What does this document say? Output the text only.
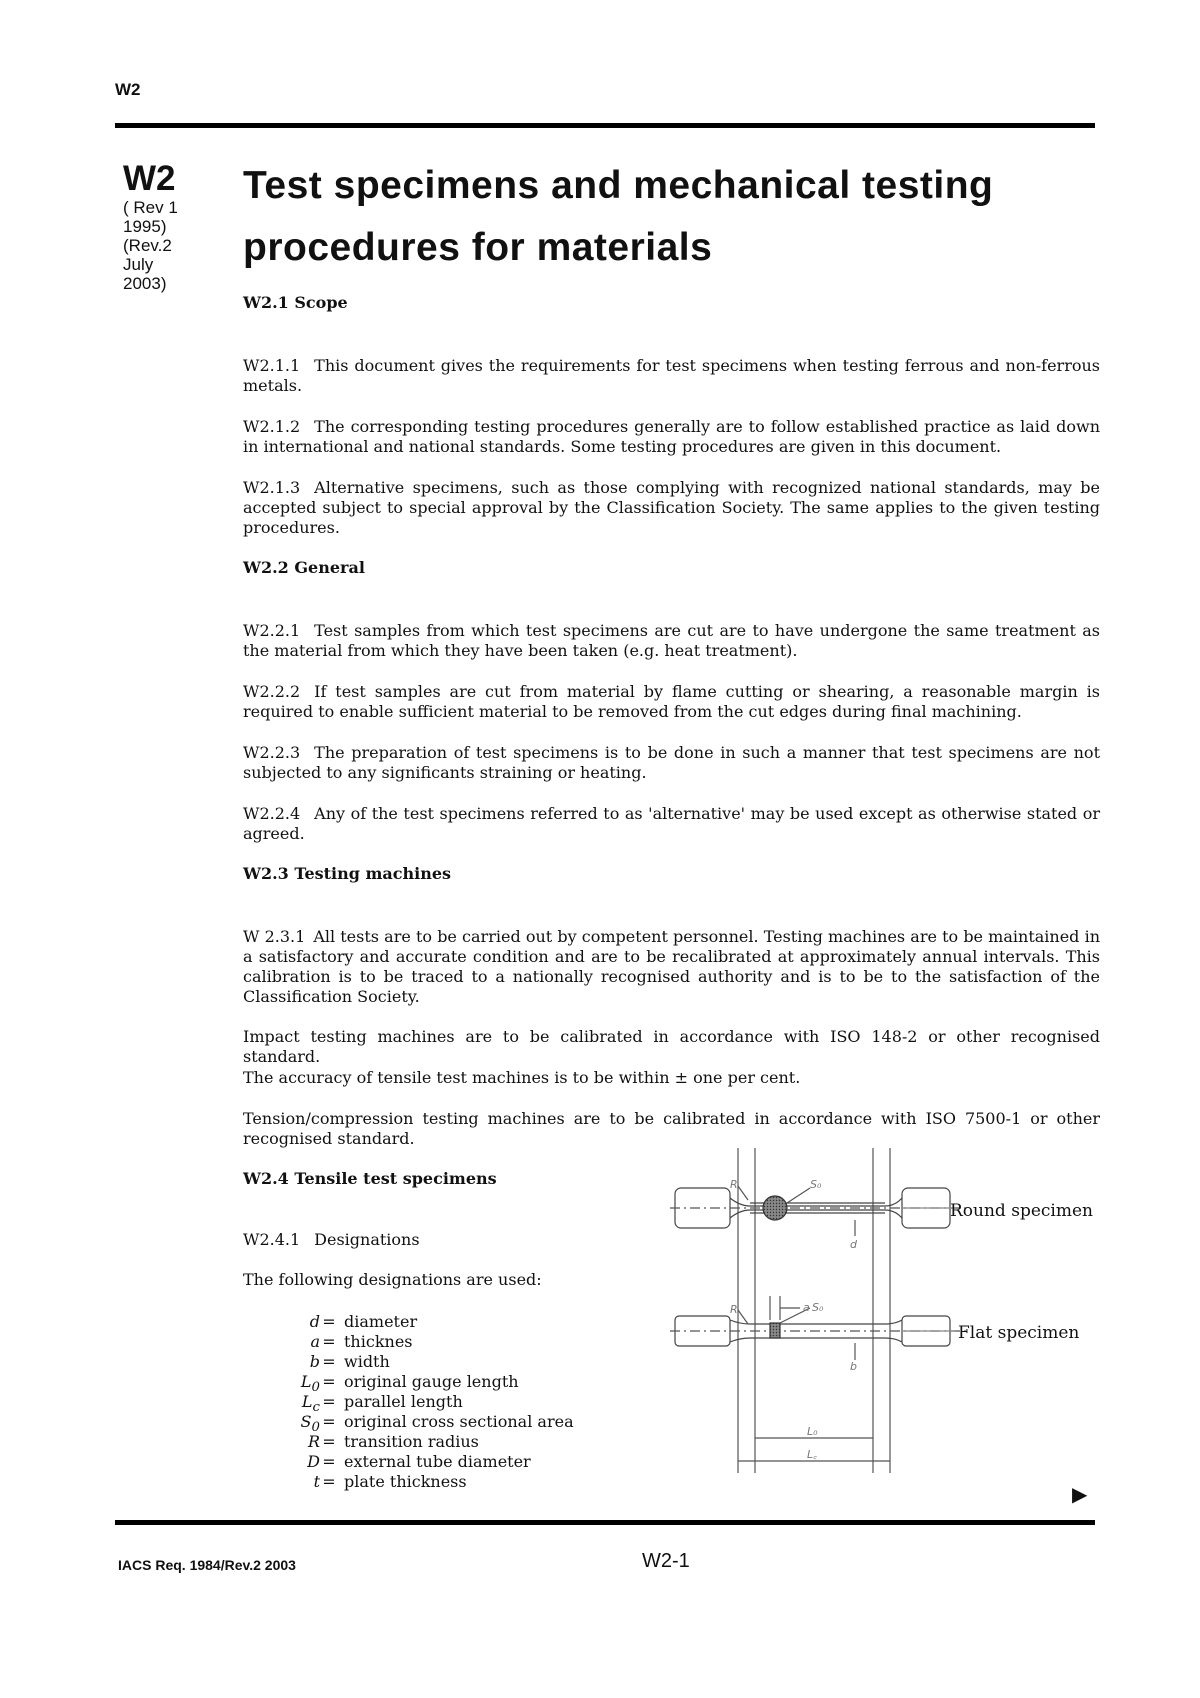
W2
W2
( Rev 1
1995)
(Rev.2
July
2003)
Test specimens and mechanical testing
procedures for materials
W2.1 Scope
W2.1.1 This document gives the requirements for test specimens when testing ferrous and non-ferrous metals.
W2.1.2 The corresponding testing procedures generally are to follow established practice as laid down in international and national standards. Some testing procedures are given in this document.
W2.1.3 Alternative specimens, such as those complying with recognized national standards, may be accepted subject to special approval by the Classification Society. The same applies to the given testing procedures.
W2.2 General
W2.2.1 Test samples from which test specimens are cut are to have undergone the same treatment as the material from which they have been taken (e.g. heat treatment).
W2.2.2 If test samples are cut from material by flame cutting or shearing, a reasonable margin is required to enable sufficient material to be removed from the cut edges during final machining.
W2.2.3 The preparation of test specimens is to be done in such a manner that test specimens are not subjected to any significants straining or heating.
W2.2.4 Any of the test specimens referred to as 'alternative' may be used except as otherwise stated or agreed.
W2.3 Testing machines
W 2.3.1 All tests are to be carried out by competent personnel. Testing machines are to be maintained in a satisfactory and accurate condition and are to be recalibrated at approximately annual intervals. This calibration is to be traced to a nationally recognised authority and is to be to the satisfaction of the Classification Society.
Impact testing machines are to be calibrated in accordance with ISO 148-2 or other recognised standard.
The accuracy of tensile test machines is to be within ± one per cent.
Tension/compression testing machines are to be calibrated in accordance with ISO 7500-1 or other recognised standard.
W2.4 Tensile test specimens
W2.4.1 Designations
The following designations are used:
d = diameter
a = thicknes
b = width
$L_0$ = original gauge length
$L_c$ = parallel length
$S_0$ = original cross sectional area
R = transition radius
D = external tube diameter
t = plate thickness
R	S₀
d
R	a S₀
b
L₀
L꜀
Round specimen
Flat specimen
▶
IACS Req. 1984/Rev.2 2003	W2-1
